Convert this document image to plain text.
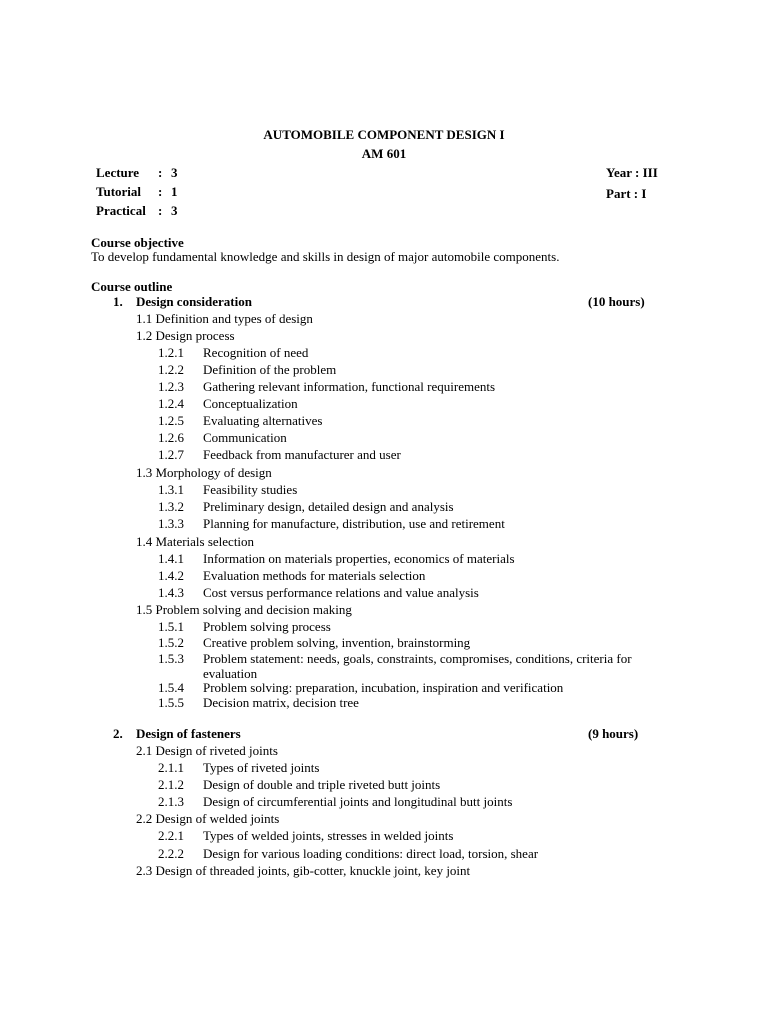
AUTOMOBILE COMPONENT DESIGN I
AM 601
Lecture : 3	Year : III
Tutorial : 1	Part : I
Practical : 3
Course objective
To develop fundamental knowledge and skills in design of major automobile components.
Course outline
1. Design consideration	(10 hours)
1.1 Definition and types of design
1.2 Design process
1.2.1 Recognition of need
1.2.2 Definition of the problem
1.2.3 Gathering relevant information, functional requirements
1.2.4 Conceptualization
1.2.5 Evaluating alternatives
1.2.6 Communication
1.2.7 Feedback from manufacturer and user
1.3 Morphology of design
1.3.1 Feasibility studies
1.3.2 Preliminary design, detailed design and analysis
1.3.3 Planning for manufacture, distribution, use and retirement
1.4 Materials selection
1.4.1 Information on materials properties, economics of materials
1.4.2 Evaluation methods for materials selection
1.4.3 Cost versus performance relations and value analysis
1.5 Problem solving and decision making
1.5.1 Problem solving process
1.5.2 Creative problem solving, invention, brainstorming
1.5.3 Problem statement: needs, goals, constraints, compromises, conditions, criteria for
evaluation
1.5.4 Problem solving: preparation, incubation, inspiration and verification
1.5.5 Decision matrix, decision tree
2. Design of fasteners	(9 hours)
2.1 Design of riveted joints
2.1.1 Types of riveted joints
2.1.2 Design of double and triple riveted butt joints
2.1.3 Design of circumferential joints and longitudinal butt joints
2.2 Design of welded joints
2.2.1 Types of welded joints, stresses in welded joints
2.2.2 Design for various loading conditions: direct load, torsion, shear
2.3 Design of threaded joints, gib-cotter, knuckle joint, key joint
